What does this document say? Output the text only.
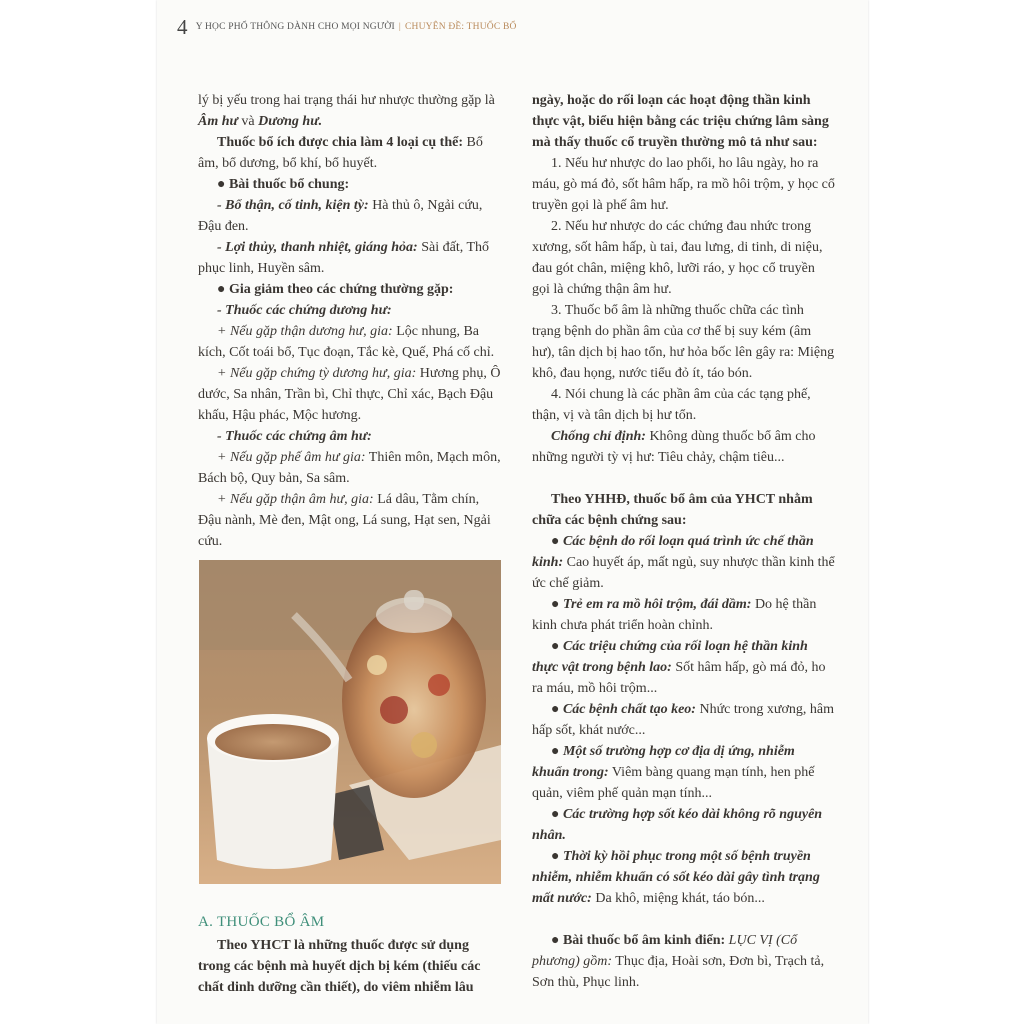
4 Y HỌC PHỔ THÔNG DÀNH CHO MỌI NGƯỜI | CHUYÊN ĐỀ: THUỐC BỔ

lý bị yếu trong hai trạng thái hư nhược thường gặp là Âm hư và Dương hư.

Thuốc bổ ích được chia làm 4 loại cụ thể: Bổ âm, bổ dương, bổ khí, bổ huyết.

● Bài thuốc bổ chung:

- Bổ thận, cố tinh, kiện tỳ: Hà thủ ô, Ngải cứu, Đậu đen.

- Lợi thủy, thanh nhiệt, giáng hỏa: Sài đất, Thổ phục linh, Huyền sâm.

● Gia giảm theo các chứng thường gặp:

- Thuốc các chứng dương hư:

+ Nếu gặp thận dương hư, gia: Lộc nhung, Ba kích, Cốt toái bổ, Tục đoạn, Tắc kè, Quế, Phá cố chỉ.

+ Nếu gặp chứng tỳ dương hư, gia: Hương phụ, Ô dước, Sa nhân, Trần bì, Chỉ thực, Chỉ xác, Bạch Đậu khấu, Hậu phác, Mộc hương.

- Thuốc các chứng âm hư:

+ Nếu gặp phế âm hư gia: Thiên môn, Mạch môn, Bách bộ, Quy bản, Sa sâm.

+ Nếu gặp thận âm hư, gia: Lá dâu, Tằm chín, Đậu nành, Mè đen, Mật ong, Lá sung, Hạt sen, Ngải cứu.

A. THUỐC BỔ ÂM

Theo YHCT là những thuốc được sử dụng trong các bệnh mà huyết dịch bị kém (thiếu các chất dinh dưỡng cần thiết), do viêm nhiễm lâu

ngày, hoặc do rối loạn các hoạt động thần kinh thực vật, biểu hiện bằng các triệu chứng lâm sàng mà thấy thuốc cổ truyền thường mô tả như sau:

1. Nếu hư nhược do lao phổi, ho lâu ngày, ho ra máu, gò má đỏ, sốt hâm hấp, ra mồ hôi trộm, y học cổ truyền gọi là phế âm hư.

2. Nếu hư nhược do các chứng đau nhức trong xương, sốt hâm hấp, ù tai, đau lưng, di tinh, di niệu, đau gót chân, miệng khô, lưỡi ráo, y học cổ truyền gọi là chứng thận âm hư.

3. Thuốc bổ âm là những thuốc chữa các tình trạng bệnh do phần âm của cơ thể bị suy kém (âm hư), tân dịch bị hao tổn, hư hỏa bốc lên gây ra: Miệng khô, đau họng, nước tiểu đỏ ít, táo bón.

4. Nói chung là các phần âm của các tạng phế, thận, vị và tân dịch bị hư tổn.

Chống chỉ định: Không dùng thuốc bổ âm cho những người tỳ vị hư: Tiêu chảy, chậm tiêu...

Theo YHHĐ, thuốc bổ âm của YHCT nhằm chữa các bệnh chứng sau:

● Các bệnh do rối loạn quá trình ức chế thần kinh: Cao huyết áp, mất ngủ, suy nhược thần kinh thể ức chế giảm.

● Trẻ em ra mồ hôi trộm, đái dầm: Do hệ thần kinh chưa phát triển hoàn chỉnh.

● Các triệu chứng của rối loạn hệ thần kinh thực vật trong bệnh lao: Sốt hâm hấp, gò má đỏ, ho ra máu, mồ hôi trộm...

● Các bệnh chất tạo keo: Nhức trong xương, hâm hấp sốt, khát nước...

● Một số trường hợp cơ địa dị ứng, nhiễm khuẩn trong: Viêm bàng quang mạn tính, hen phế quản, viêm phế quản mạn tính...

● Các trường hợp sốt kéo dài không rõ nguyên nhân.

● Thời kỳ hồi phục trong một số bệnh truyền nhiễm, nhiễm khuẩn có sốt kéo dài gây tình trạng mất nước: Da khô, miệng khát, táo bón...

● Bài thuốc bổ âm kinh điển: LỤC VỊ (Cổ phương) gồm: Thục địa, Hoài sơn, Đơn bì, Trạch tả, Sơn thù, Phục linh.
